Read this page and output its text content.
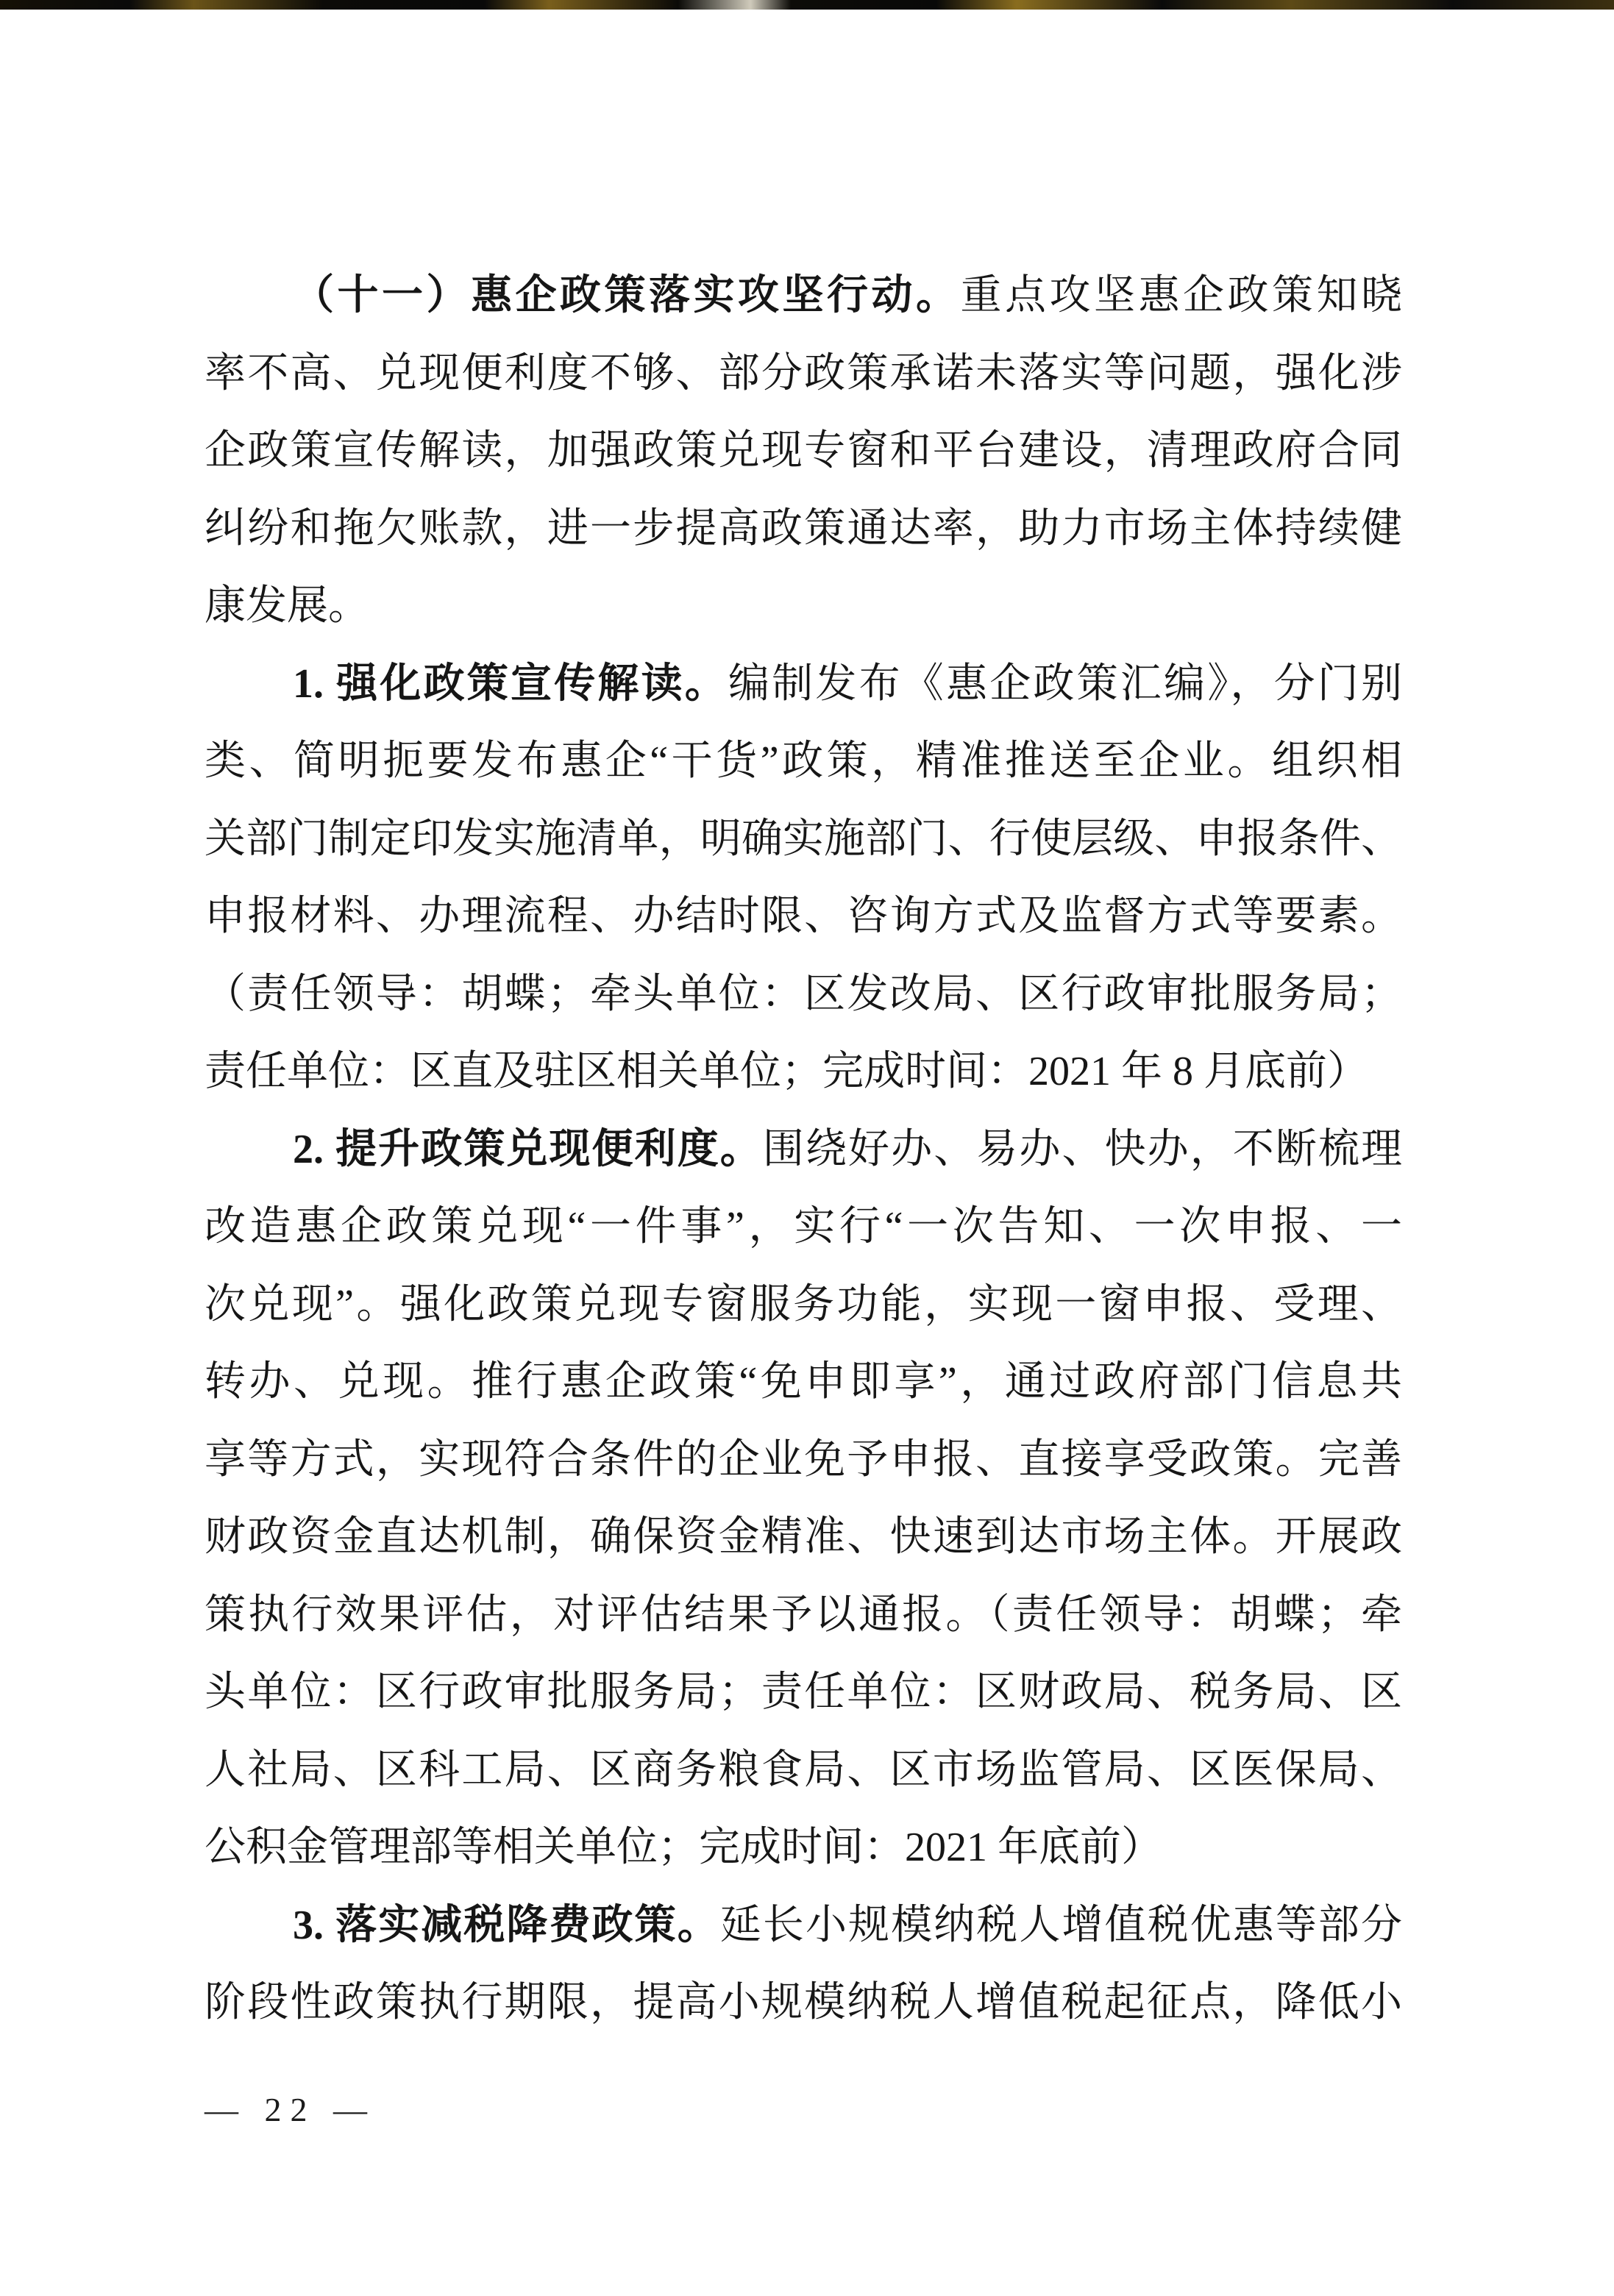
（十一）惠企政策落实攻坚行动。重点攻坚惠企政策知晓
率不高、兑现便利度不够、部分政策承诺未落实等问题，强化涉
企政策宣传解读，加强政策兑现专窗和平台建设，清理政府合同
纠纷和拖欠账款，进一步提高政策通达率，助力市场主体持续健
康发展。
1. 强化政策宣传解读。编制发布《惠企政策汇编》，分门别
类、简明扼要发布惠企“干货”政策，精准推送至企业。组织相
关部门制定印发实施清单，明确实施部门、行使层级、申报条件、
申报材料、办理流程、办结时限、咨询方式及监督方式等要素。
（责任领导：胡蝶；牵头单位：区发改局、区行政审批服务局；
责任单位：区直及驻区相关单位；完成时间：2021 年 8 月底前）
2. 提升政策兑现便利度。围绕好办、易办、快办，不断梳理
改造惠企政策兑现“一件事”，实行“一次告知、一次申报、一
次兑现”。强化政策兑现专窗服务功能，实现一窗申报、受理、
转办、兑现。推行惠企政策“免申即享”，通过政府部门信息共
享等方式，实现符合条件的企业免予申报、直接享受政策。完善
财政资金直达机制，确保资金精准、快速到达市场主体。开展政
策执行效果评估，对评估结果予以通报。（责任领导：胡蝶；牵
头单位：区行政审批服务局；责任单位：区财政局、税务局、区
人社局、区科工局、区商务粮食局、区市场监管局、区医保局、
公积金管理部等相关单位；完成时间：2021 年底前）
3. 落实减税降费政策。延长小规模纳税人增值税优惠等部分
阶段性政策执行期限，提高小规模纳税人增值税起征点，降低小
— 22 —
